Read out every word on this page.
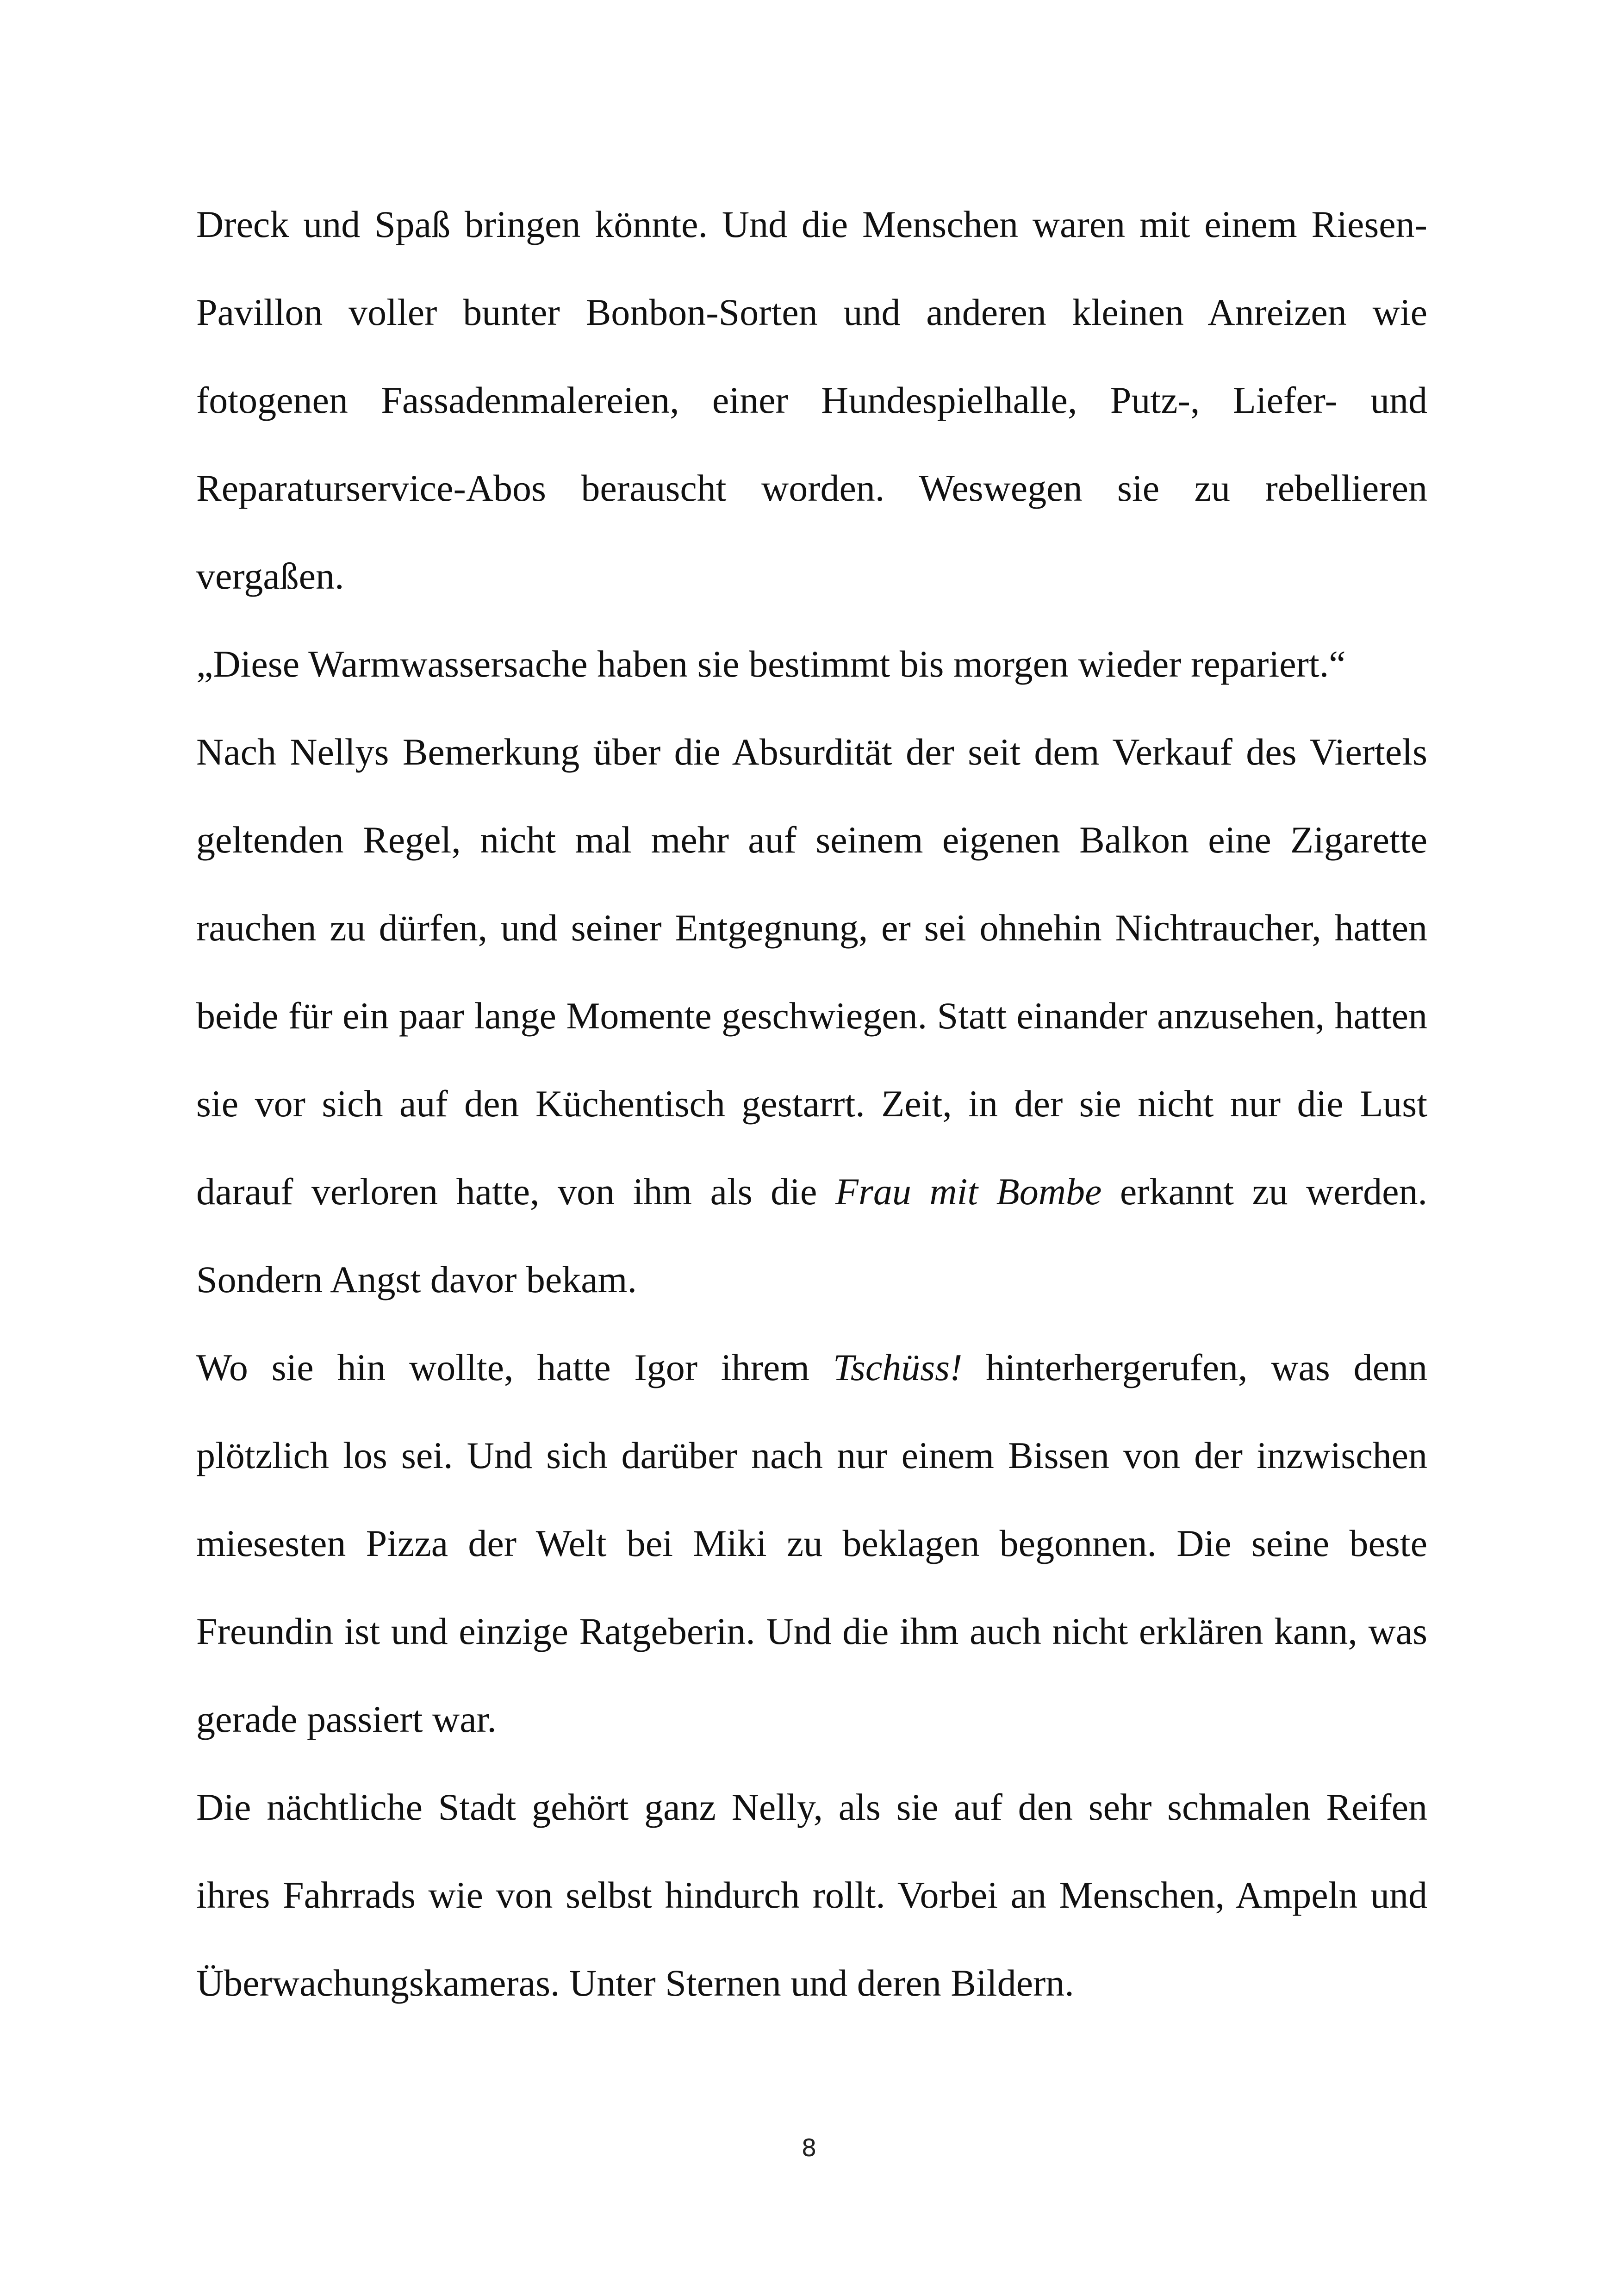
Dreck und Spaß bringen könnte. Und die Menschen waren mit einem Riesen-Pavillon voller bunter Bonbon-Sorten und anderen kleinen Anreizen wie fotogenen Fassadenmalereien, einer Hundespielhalle, Putz-, Liefer- und Reparaturservice-Abos berauscht worden. Weswegen sie zu rebellieren vergaßen.

„Diese Warmwassersache haben sie bestimmt bis morgen wieder repariert.“

Nach Nellys Bemerkung über die Absurdität der seit dem Verkauf des Viertels geltenden Regel, nicht mal mehr auf seinem eigenen Balkon eine Zigarette rauchen zu dürfen, und seiner Entgegnung, er sei ohnehin Nichtraucher, hatten beide für ein paar lange Momente geschwiegen. Statt einander anzusehen, hatten sie vor sich auf den Küchentisch gestarrt. Zeit, in der sie nicht nur die Lust darauf verloren hatte, von ihm als die Frau mit Bombe erkannt zu werden. Sondern Angst davor bekam.

Wo sie hin wollte, hatte Igor ihrem Tschüss! hinterhergerufen, was denn plötzlich los sei. Und sich darüber nach nur einem Bissen von der inzwischen miesesten Pizza der Welt bei Miki zu beklagen begonnen. Die seine beste Freundin ist und einzige Ratgeberin. Und die ihm auch nicht erklären kann, was gerade passiert war.

Die nächtliche Stadt gehört ganz Nelly, als sie auf den sehr schmalen Reifen ihres Fahrrads wie von selbst hindurch rollt. Vorbei an Menschen, Ampeln und Überwachungskameras. Unter Sternen und deren Bildern.

8
